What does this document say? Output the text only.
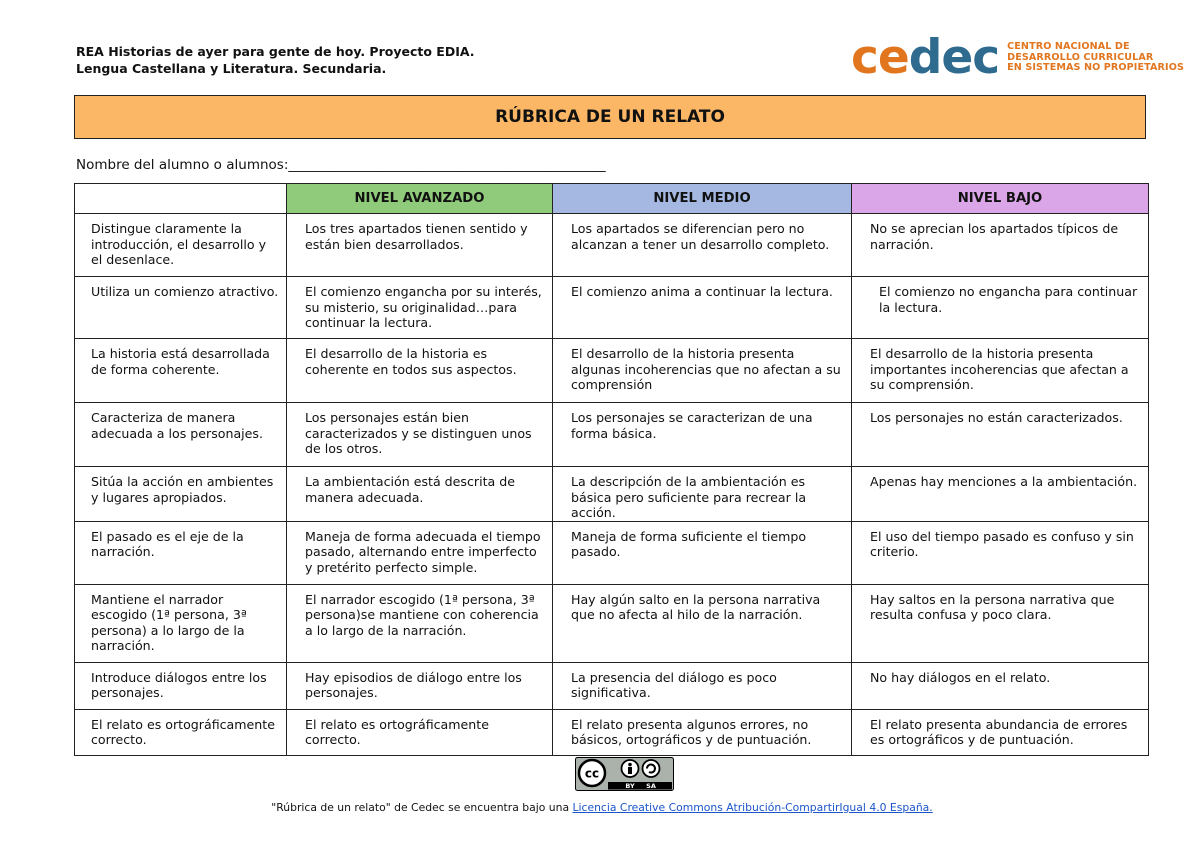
REA Historias de ayer para gente de hoy. Proyecto EDIA.
Lengua Castellana y Literatura. Secundaria.	cedec CENTRO NACIONAL DE
DESARROLLO CURRICULAR
EN SISTEMAS NO PROPIETARIOS
RÚBRICA DE UN RELATO
Nombre del alumno o alumnos:_______________________________________________
	NIVEL AVANZADO	NIVEL MEDIO	NIVEL BAJO
Distingue claramente la introducción, el desarrollo y el desenlace.	Los tres apartados tienen sentido y están bien desarrollados.	Los apartados se diferencian pero no alcanzan a tener un desarrollo completo.	No se aprecian los apartados típicos de narración.
Utiliza un comienzo atractivo.	El comienzo engancha por su interés, su misterio, su originalidad…para continuar la lectura.	El comienzo anima a continuar la lectura.	El comienzo no engancha para continuar la lectura.
La historia está desarrollada de forma coherente.	El desarrollo de la historia es coherente en todos sus aspectos.	El desarrollo de la historia presenta algunas incoherencias que no afectan a su comprensión	El desarrollo de la historia presenta importantes incoherencias que afectan a su comprensión.
Caracteriza de manera adecuada a los personajes.	Los personajes están bien caracterizados y se distinguen unos de los otros.	Los personajes se caracterizan de una forma básica.	Los personajes no están caracterizados.
Sitúa la acción en ambientes y lugares apropiados.	La ambientación está descrita de manera adecuada.	La descripción de la ambientación es básica pero suficiente para recrear la acción.	Apenas hay menciones a la ambientación.
El pasado es el eje de la narración.	Maneja de forma adecuada el tiempo pasado, alternando entre imperfecto y pretérito perfecto simple.	Maneja de forma suficiente el tiempo pasado.	El uso del tiempo pasado es confuso y sin criterio.
Mantiene el narrador escogido (1ª persona, 3ª persona) a lo largo de la narración.	El narrador escogido (1ª persona, 3ª persona)se mantiene con coherencia a lo largo de la narración.	Hay algún salto en la persona narrativa que no afecta al hilo de la narración.	Hay saltos en la persona narrativa que resulta confusa y poco clara.
Introduce diálogos entre los personajes.	Hay episodios de diálogo entre los personajes.	La presencia del diálogo es poco significativa.	No hay diálogos en el relato.
El relato es ortográficamente correcto.	El relato es ortográficamente correcto.	El relato presenta algunos errores, no básicos, ortográficos y de puntuación.	El relato presenta abundancia de errores es ortográficos y de puntuación.
cc
BY SA
"Rúbrica de un relato" de Cedec se encuentra bajo una Licencia Creative Commons Atribución-CompartirIgual 4.0 España.
